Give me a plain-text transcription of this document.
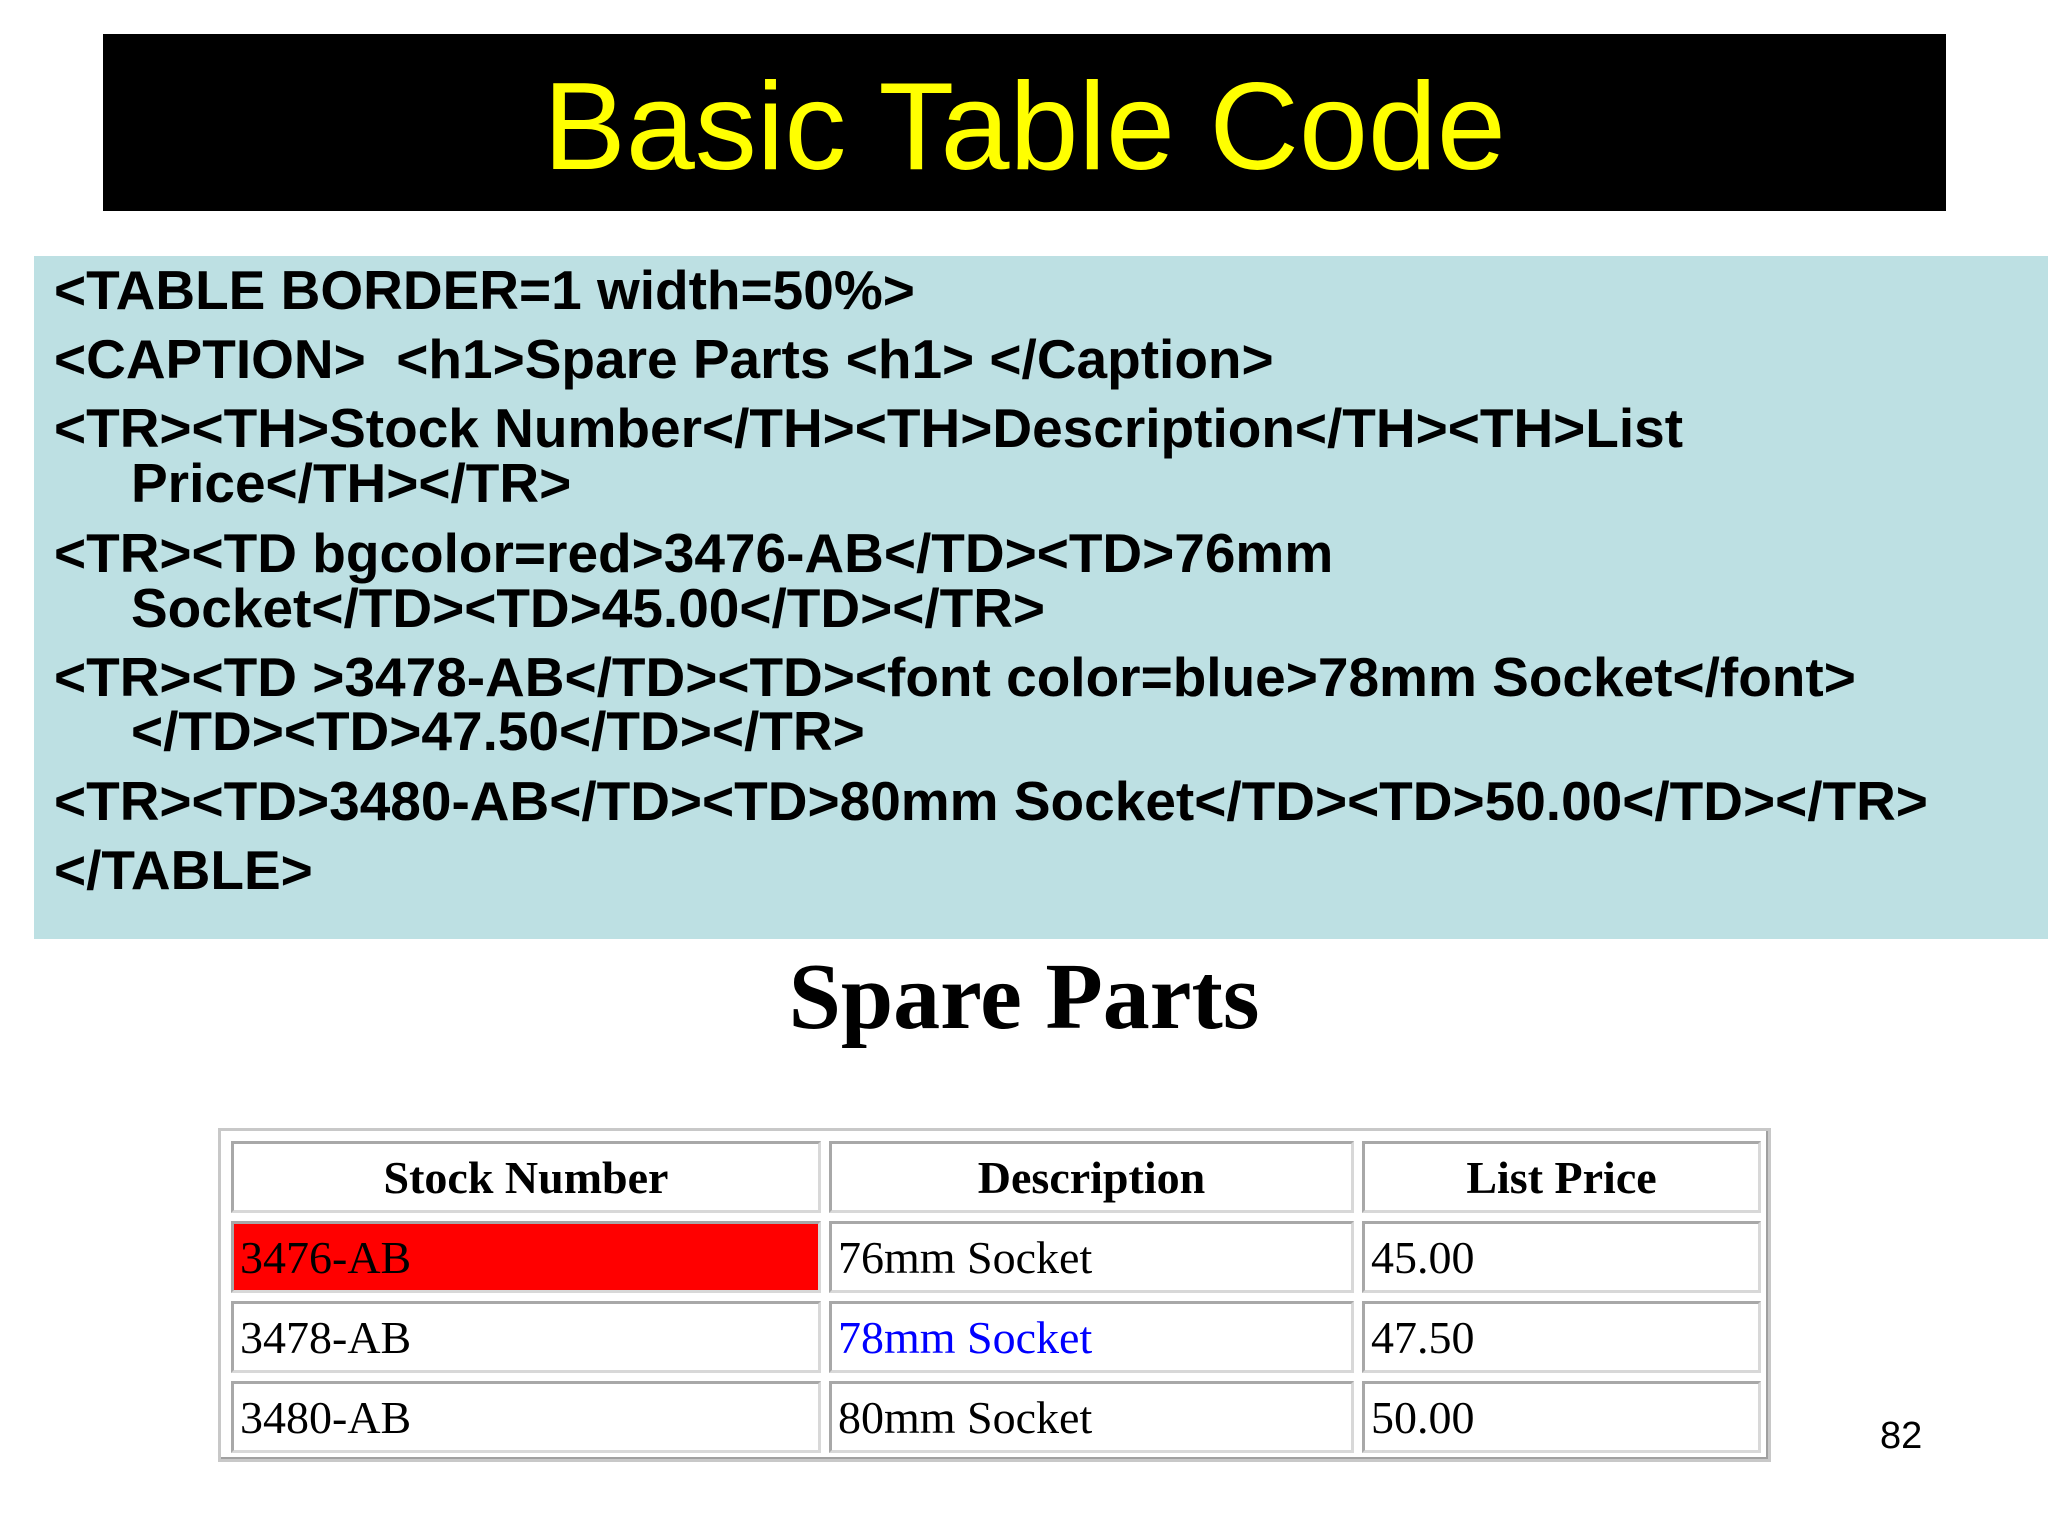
Basic Table Code
<TABLE BORDER=1 width=50%>
<CAPTION>  <h1>Spare Parts <h1> </Caption>
<TR><TH>Stock Number</TH><TH>Description</TH><TH>List
Price</TH></TR>
<TR><TD bgcolor=red>3476-AB</TD><TD>76mm
Socket</TD><TD>45.00</TD></TR>
<TR><TD >3478-AB</TD><TD><font color=blue>78mm Socket</font>
</TD><TD>47.50</TD></TR>
<TR><TD>3480-AB</TD><TD>80mm Socket</TD><TD>50.00</TD></TR>
</TABLE>
Spare Parts
Stock Number	Description	List Price
3476-AB	76mm Socket	45.00
3478-AB	78mm Socket	47.50
3480-AB	80mm Socket	50.00	82
